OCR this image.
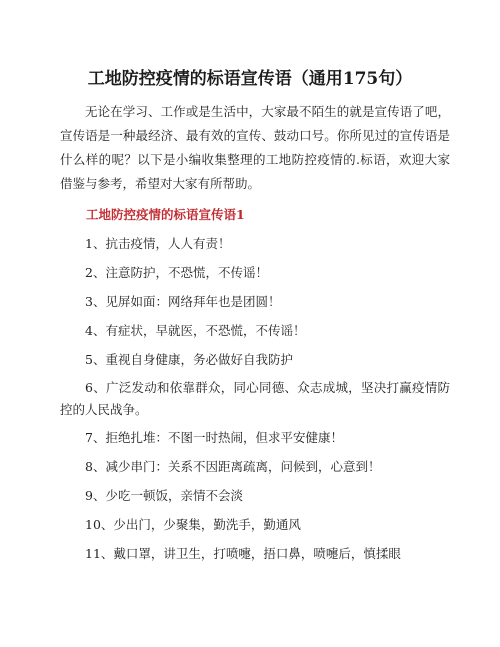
工地防控疫情的标语宣传语（通用175句）

无论在学习、工作或是生活中，大家最不陌生的就是宣传语了吧，宣传语是一种最经济、最有效的宣传、鼓动口号。你所见过的宣传语是什么样的呢？以下是小编收集整理的工地防控疫情的.标语，欢迎大家借鉴与参考，希望对大家有所帮助。

工地防控疫情的标语宣传语1

1、抗击疫情，人人有责！

2、注意防护，不恐慌，不传谣！

3、见屏如面：网络拜年也是团圆！

4、有症状，早就医，不恐慌，不传谣！

5、重视自身健康，务必做好自我防护

6、广泛发动和依靠群众，同心同德、众志成城，坚决打赢疫情防控的人民战争。

7、拒绝扎堆：不图一时热闹，但求平安健康！

8、减少串门：关系不因距离疏离，问候到，心意到！

9、少吃一顿饭，亲情不会淡

10、少出门，少聚集，勤洗手，勤通风

11、戴口罩，讲卫生，打喷嚏，捂口鼻，喷嚏后，慎揉眼
